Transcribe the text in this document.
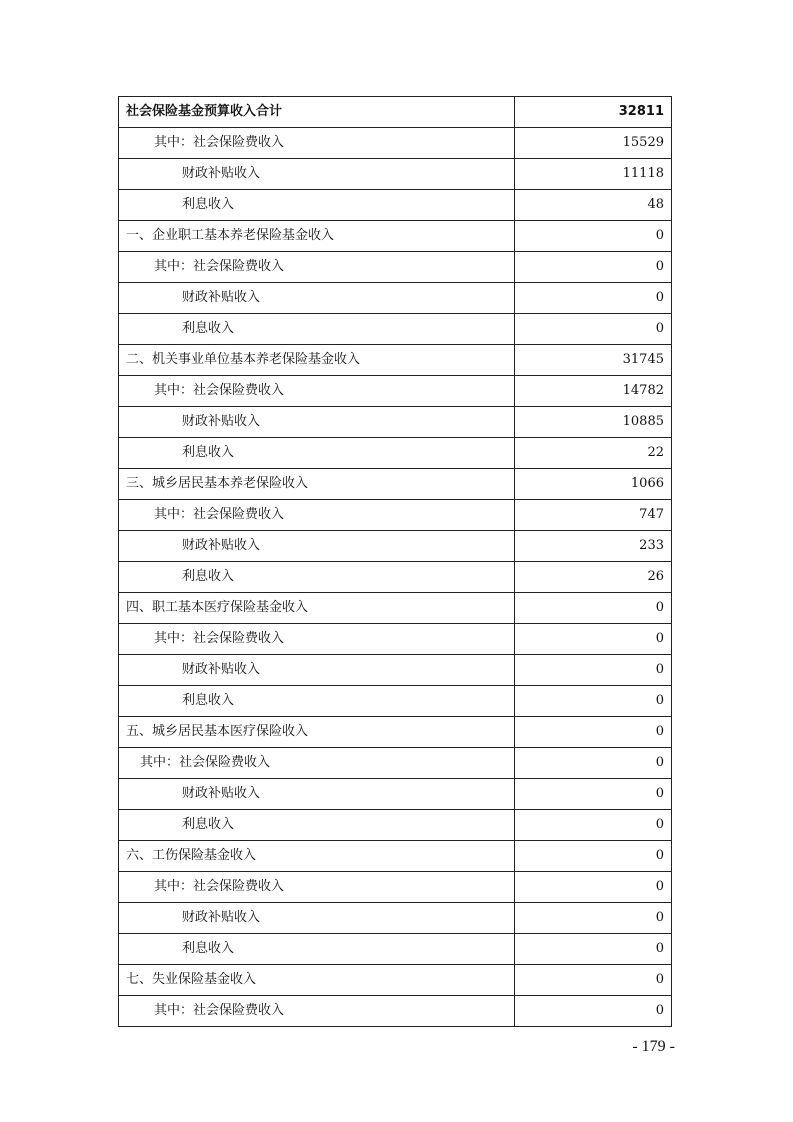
社会保险基金预算收入合计	32811
其中：社会保险费收入	15529
财政补贴收入	11118
利息收入	48
一、企业职工基本养老保险基金收入	0
其中：社会保险费收入	0
财政补贴收入	0
利息收入	0
二、机关事业单位基本养老保险基金收入	31745
其中：社会保险费收入	14782
财政补贴收入	10885
利息收入	22
三、城乡居民基本养老保险收入	1066
其中：社会保险费收入	747
财政补贴收入	233
利息收入	26
四、职工基本医疗保险基金收入	0
其中：社会保险费收入	0
财政补贴收入	0
利息收入	0
五、城乡居民基本医疗保险收入	0
其中：社会保险费收入	0
财政补贴收入	0
利息收入	0
六、工伤保险基金收入	0
其中：社会保险费收入	0
财政补贴收入	0
利息收入	0
七、失业保险基金收入	0
其中：社会保险费收入	0
- 179 -
